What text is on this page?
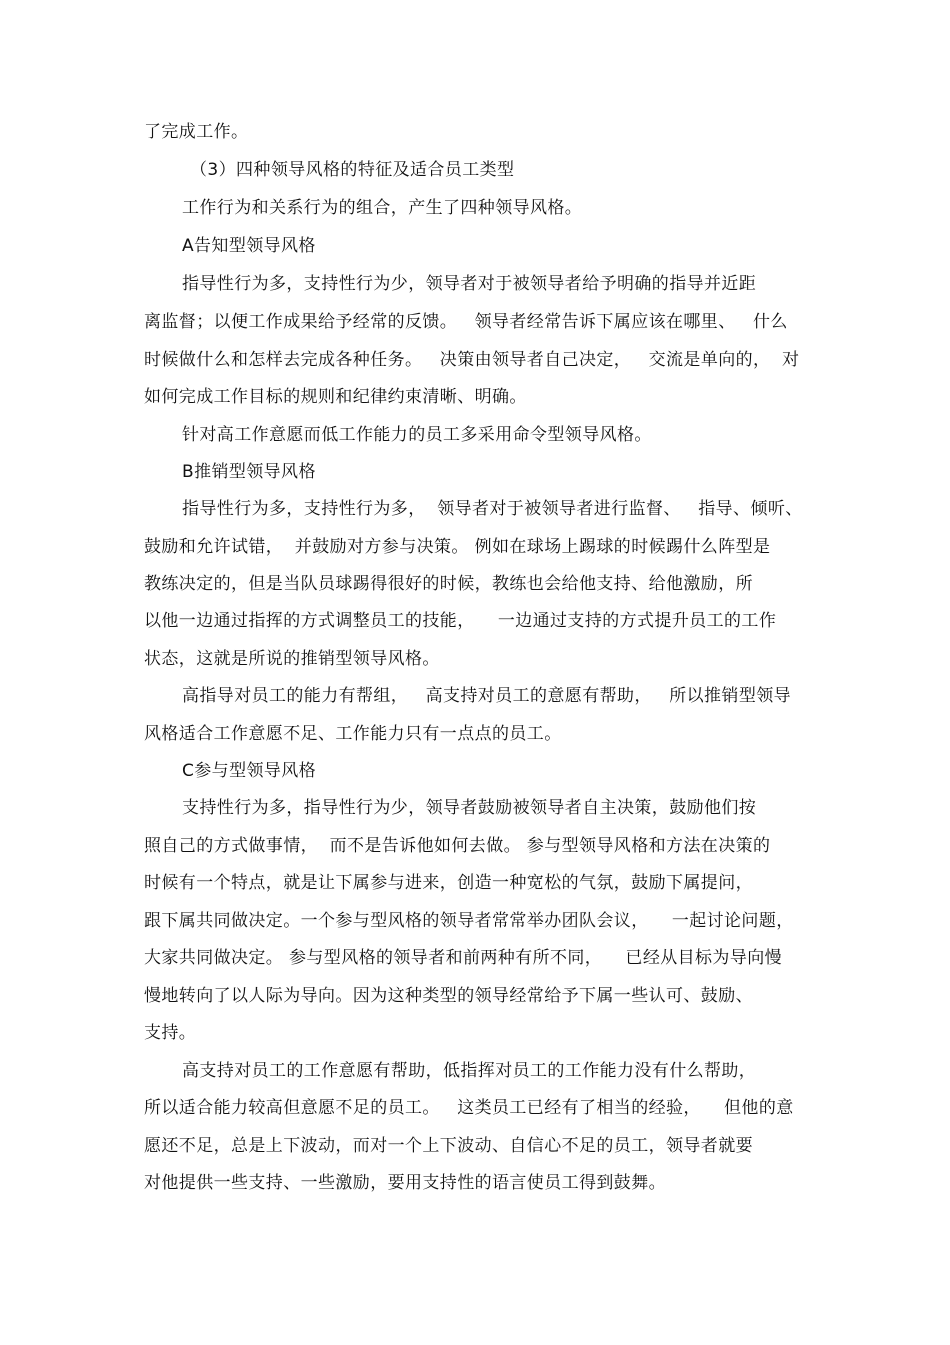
了完成工作。
（3）四种领导风格的特征及适合员工类型
工作行为和关系行为的组合，产生了四种领导风格。
A告知型领导风格
指导性行为多，支持性行为少，领导者对于被领导者给予明确的指导并近距
离监督；以便工作成果给予经常的反馈。   领导者经常告诉下属应该在哪里、   什么
时候做什么和怎样去完成各种任务。   决策由领导者自己决定，   交流是单向的，  对
如何完成工作目标的规则和纪律约束清晰、明确。
针对高工作意愿而低工作能力的员工多采用命令型领导风格。
B推销型领导风格
指导性行为多，支持性行为多，  领导者对于被领导者进行监督、   指导、倾听、
鼓励和允许试错，  并鼓励对方参与决策。 例如在球场上踢球的时候踢什么阵型是
教练决定的，但是当队员球踢得很好的时候，教练也会给他支持、给他激励，所
以他一边通过指挥的方式调整员工的技能，    一边通过支持的方式提升员工的工作
状态，这就是所说的推销型领导风格。
高指导对员工的能力有帮组，   高支持对员工的意愿有帮助，   所以推销型领导
风格适合工作意愿不足、工作能力只有一点点的员工。
C参与型领导风格
支持性行为多，指导性行为少，领导者鼓励被领导者自主决策，鼓励他们按
照自己的方式做事情，  而不是告诉他如何去做。 参与型领导风格和方法在决策的
时候有一个特点，就是让下属参与进来，创造一种宽松的气氛，鼓励下属提问，
跟下属共同做决定。一个参与型风格的领导者常常举办团队会议，    一起讨论问题，
大家共同做决定。 参与型风格的领导者和前两种有所不同，    已经从目标为导向慢
慢地转向了以人际为导向。因为这种类型的领导经常给予下属一些认可、鼓励、
支持。
高支持对员工的工作意愿有帮助，低指挥对员工的工作能力没有什么帮助，
所以适合能力较高但意愿不足的员工。   这类员工已经有了相当的经验，    但他的意
愿还不足，总是上下波动，而对一个上下波动、自信心不足的员工，领导者就要
对他提供一些支持、一些激励，要用支持性的语言使员工得到鼓舞。
